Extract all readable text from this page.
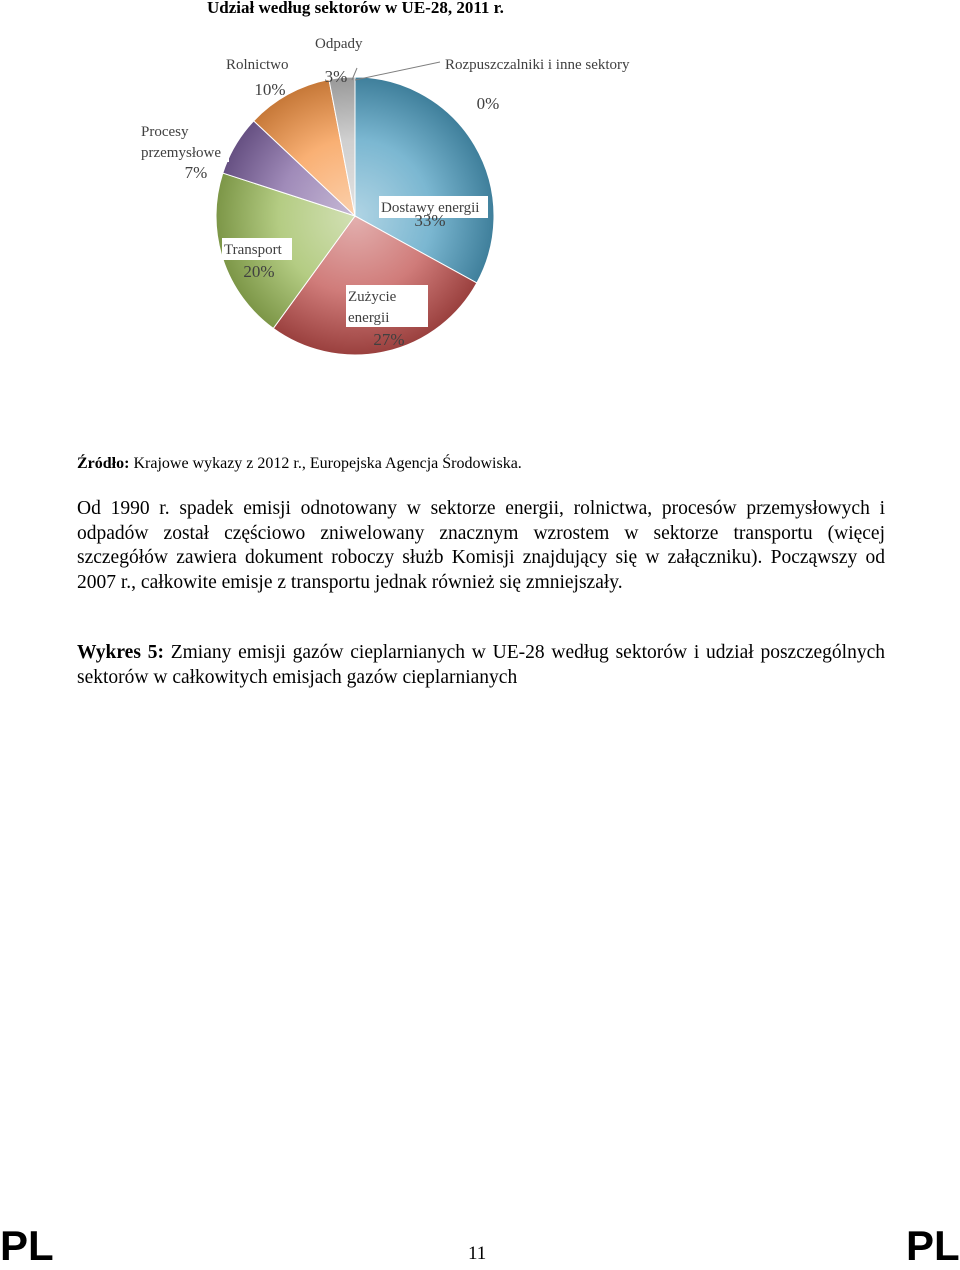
Dostawy energii
33%
Zużycie
energii
27%
Transport
20%
Procesy
przemysłowe
7%
Rolnictwo
10%
Odpady
3%
Rozpuszczalniki i inne sektory
0%
Udział według sektorów w UE-28, 2011 r.
Źródło: Krajowe wykazy z 2012 r., Europejska Agencja Środowiska.
Od 1990 r. spadek emisji odnotowany w sektorze energii, rolnictwa, procesów przemysłowych i odpadów został częściowo zniwelowany znacznym wzrostem w sektorze transportu (więcej szczegółów zawiera dokument roboczy służb Komisji znajdujący się w załączniku). Począwszy od 2007 r., całkowite emisje z transportu jednak również się zmniejszały.
Wykres 5: Zmiany emisji gazów cieplarnianych w UE-28 według sektorów i udział poszczególnych sektorów w całkowitych emisjach gazów cieplarnianych
PL	11	PL
